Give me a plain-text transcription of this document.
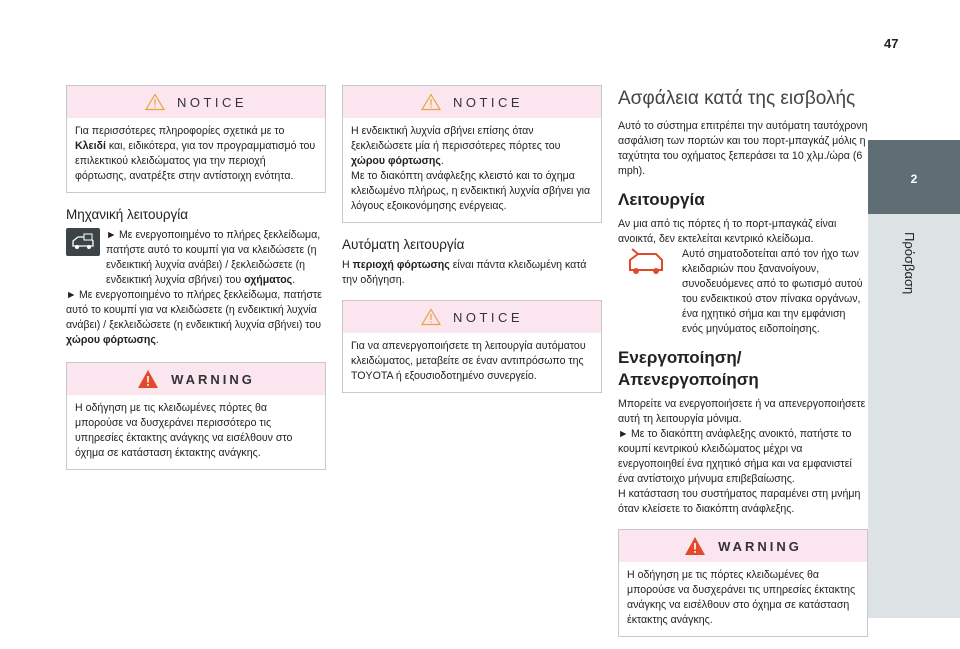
47
2
Πρόσβαση
NOTICE
Για περισσότερες πληροφορίες σχετικά με το Κλειδί και, ειδικότερα, για τον προγραμματισμό του επιλεκτικού κλειδώματος για την περιοχή φόρτωσης, ανατρέξτε στην αντίστοιχη ενότητα.
Μηχανική λειτουργία
► Με ενεργοποιημένο το πλήρες ξεκλείδωμα, πατήστε αυτό το κουμπί για να κλειδώσετε (η ενδεικτική λυχνία ανάβει) / ξεκλειδώσετε (η ενδεικτική λυχνία σβήνει) του οχήματος.

► Με ενεργοποιημένο το πλήρες ξεκλείδωμα, πατήστε αυτό το κουμπί για να κλειδώσετε (η ενδεικτική λυχνία ανάβει) / ξεκλειδώσετε (η ενδεικτική λυχνία σβήνει) του χώρου φόρτωσης.

WARNING
Η οδήγηση με τις κλειδωμένες πόρτες θα μπορούσε να δυσχεράνει περισσότερο τις υπηρεσίες έκτακτης ανάγκης να εισέλθουν στο όχημα σε κατάσταση έκτακτης ανάγκης.
NOTICE
Η ενδεικτική λυχνία σβήνει επίσης όταν ξεκλειδώσετε μία ή περισσότερες πόρτες του χώρου φόρτωσης.
Με το διακόπτη ανάφλεξης κλειστό και το όχημα κλειδωμένο πλήρως, η ενδεικτική λυχνία σβήνει για λόγους εξοικονόμησης ενέργειας.
Αυτόματη λειτουργία

Η περιοχή φόρτωσης είναι πάντα κλειδωμένη κατά την οδήγηση.

NOTICE
Για να απενεργοποιήσετε τη λειτουργία αυτόματου κλειδώματος, μεταβείτε σε έναν αντιπρόσωπο της TOYOTA ή εξουσιοδοτημένο συνεργείο.
Ασφάλεια κατά της εισβολής

Αυτό το σύστημα επιτρέπει την αυτόματη ταυτόχρονη ασφάλιση των πορτών και του πορτ-μπαγκάζ μόλις η ταχύτητα του οχήματος ξεπεράσει τα 10 χλμ./ώρα (6 mph).

Λειτουργία

Αν μια από τις πόρτες ή το πορτ-μπαγκάζ είναι ανοικτά, δεν εκτελείται κεντρικό κλείδωμα.

Αυτό σηματοδοτείται από τον ήχο των κλειδαριών που ξανανοίγουν, συνοδευόμενες από το φωτισμό αυτού του ενδεικτικού στον πίνακα οργάνων, ένα ηχητικό σήμα και την εμφάνιση ενός μηνύματος ειδοποίησης.

Ενεργοποίηση/
Απενεργοποίηση

Μπορείτε να ενεργοποιήσετε ή να απενεργοποιήσετε αυτή τη λειτουργία μόνιμα.

► Με το διακόπτη ανάφλεξης ανοικτό, πατήστε το κουμπί κεντρικού κλειδώματος μέχρι να ενεργοποιηθεί ένα ηχητικό σήμα και να εμφανιστεί ένα αντίστοιχο μήνυμα επιβεβαίωσης.

Η κατάσταση του συστήματος παραμένει στη μνήμη όταν κλείσετε το διακόπτη ανάφλεξης.

WARNING
Η οδήγηση με τις πόρτες κλειδωμένες θα μπορούσε να δυσχεράνει τις υπηρεσίες έκτακτης ανάγκης να εισέλθουν στο όχημα σε κατάσταση έκτακτης ανάγκης.
